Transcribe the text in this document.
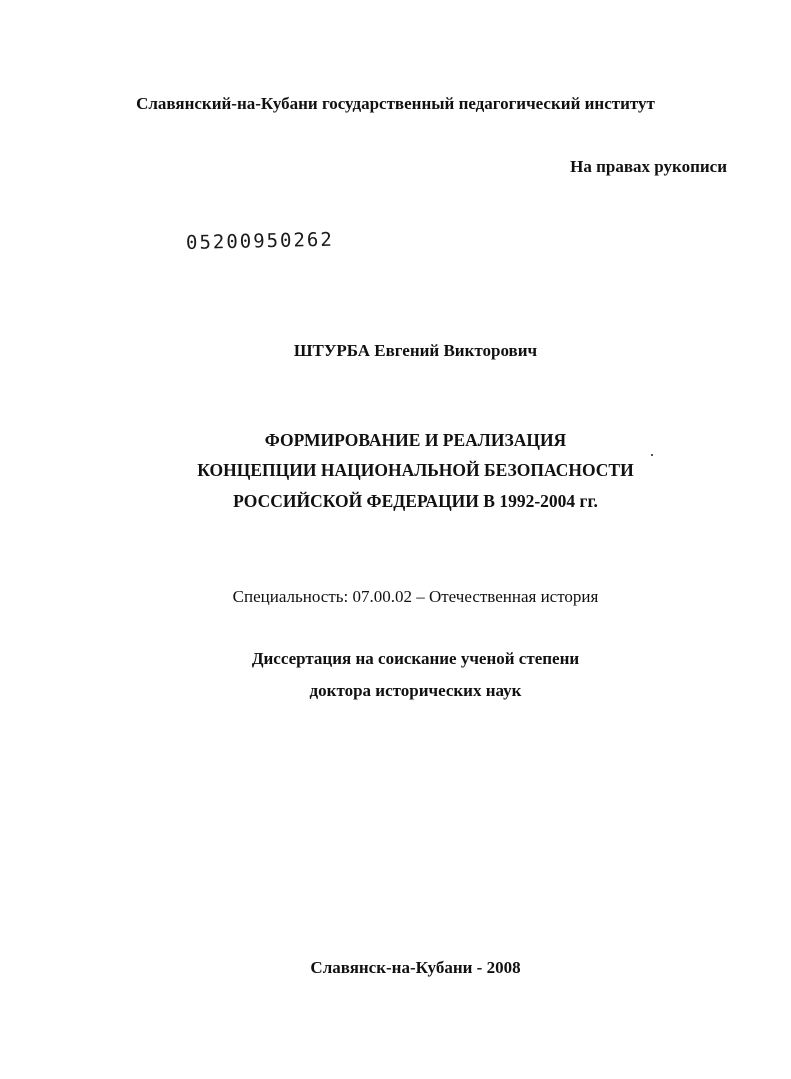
Славянский-на-Кубани государственный педагогический институт
На правах рукописи
05200950262
ШТУРБА Евгений Викторович
ФОРМИРОВАНИЕ И РЕАЛИЗАЦИЯ
КОНЦЕПЦИИ НАЦИОНАЛЬНОЙ БЕЗОПАСНОСТИ
РОССИЙСКОЙ ФЕДЕРАЦИИ В 1992-2004 гг.
Специальность: 07.00.02 – Отечественная история
Диссертация на соискание ученой степени
доктора исторических наук
Славянск-на-Кубани - 2008
